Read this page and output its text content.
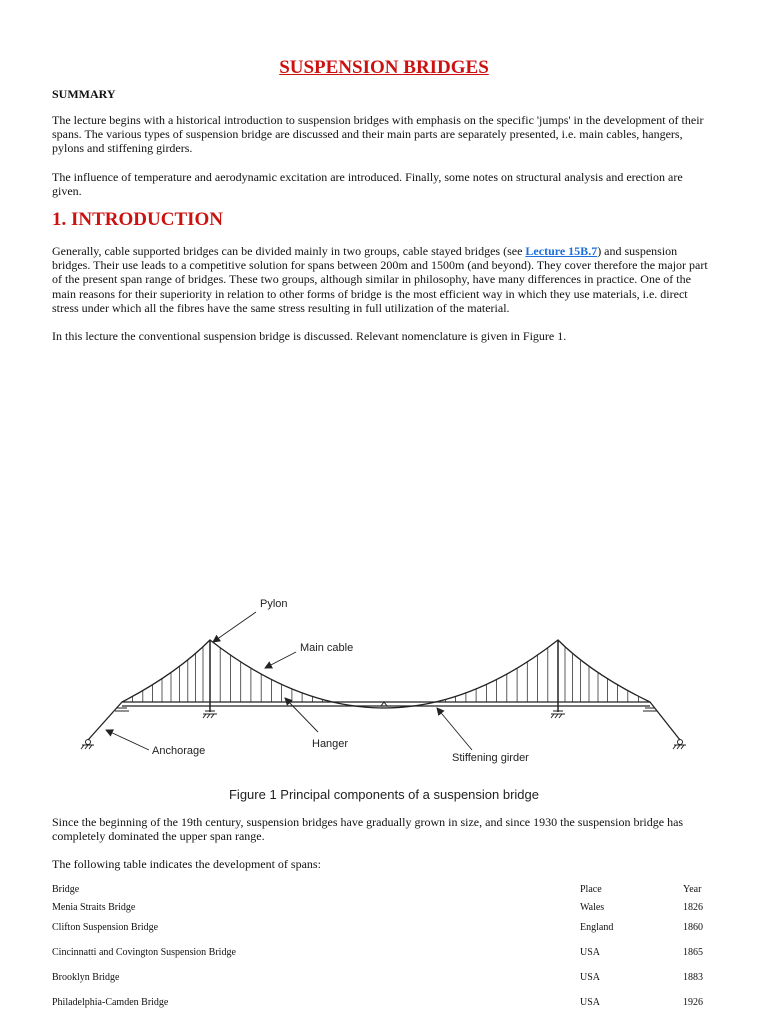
SUSPENSION BRIDGES
SUMMARY

The lecture begins with a historical introduction to suspension bridges with emphasis on the specific 'jumps' in the development of their spans. The various types of suspension bridge are discussed and their main parts are separately presented, i.e. main cables, hangers, pylons and stiffening girders.

The influence of temperature and aerodynamic excitation are introduced. Finally, some notes on structural analysis and erection are given.

1. INTRODUCTION

Generally, cable supported bridges can be divided mainly in two groups, cable stayed bridges (see Lecture 15B.7) and suspension bridges. Their use leads to a competitive solution for spans between 200m and 1500m (and beyond). They cover therefore the major part of the present span range of bridges. These two groups, although similar in philosophy, have many differences in practice. One of the main reasons for their superiority in relation to other forms of bridge is the most efficient way in which they use materials, i.e. direct stress under which all the fibres have the same stress resulting in full utilization of the material.

In this lecture the conventional suspension bridge is discussed. Relevant nomenclature is given in Figure 1.

Pylon
Main cable
Anchorage
Hanger
Stiffening girder

Figure 1 Principal components of a suspension bridge

Since the beginning of the 19th century, suspension bridges have gradually grown in size, and since 1930 the suspension bridge has completely dominated the upper span range.

The following table indicates the development of spans:

Bridge	Place	Year
Menia Straits Bridge	Wales	1826
Clifton Suspension Bridge	England	1860
Cincinnatti and Covington Suspension Bridge	USA	1865
Brooklyn Bridge	USA	1883
Philadelphia-Camden Bridge	USA	1926
